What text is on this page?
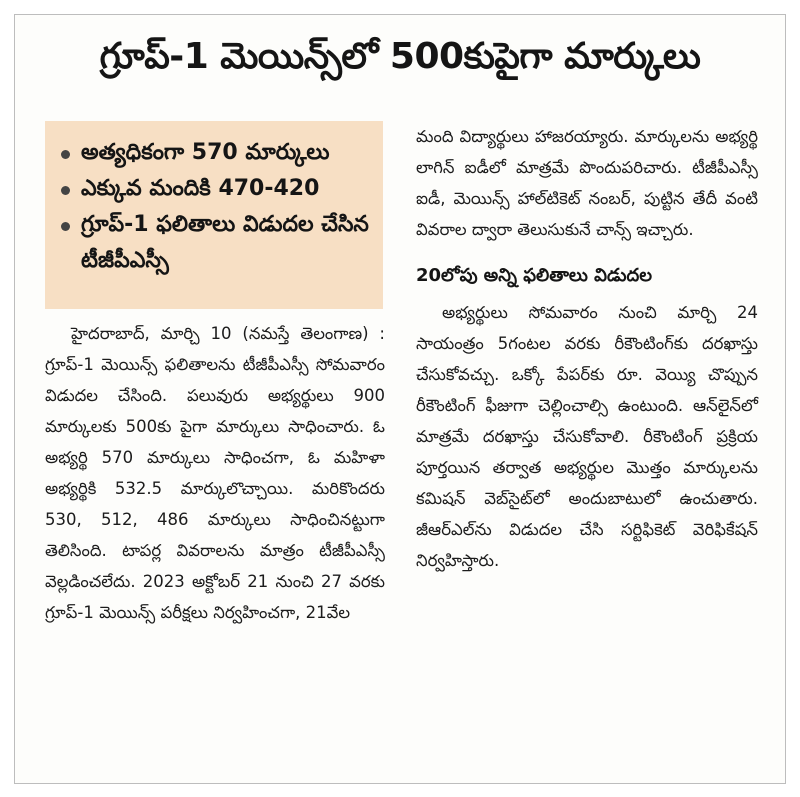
గ్రూప్-1 మెయిన్స్‌లో 500కుపైగా మార్కులు
అత్యధికంగా 570 మార్కులు
ఎక్కువ మందికి 470-420
గ్రూప్-1 ఫలితాలు విడుదల చేసిన టీజీపీఎస్సీ

హైదరాబాద్, మార్చి 10 (నమస్తే తెలంగాణ) : గ్రూప్-1 మెయిన్స్ ఫలితాలను టీజీపీఎస్సీ సోమవారం విడుదల చేసింది. పలువురు అభ్యర్థులు 900 మార్కులకు 500కు పైగా మార్కులు సాధించారు. ఓ అభ్యర్థి 570 మార్కులు సాధించగా, ఓ మహిళా అభ్యర్థికి 532.5 మార్కులొచ్చాయి. మరికొందరు 530, 512, 486 మార్కులు సాధించినట్టుగా తెలిసింది. టాపర్ల వివరాలను మాత్రం టీజీపీఎస్సీ వెల్లడించలేదు. 2023 అక్టోబర్ 21 నుంచి 27 వరకు గ్రూప్-1 మెయిన్స్ పరీక్షలు నిర్వహించగా, 21వేల

మంది విద్యార్థులు హాజరయ్యారు. మార్కులను అభ్యర్థి లాగిన్ ఐడీలో మాత్రమే పొందుపరిచారు. టీజీపీఎస్సీ ఐడీ, మెయిన్స్ హాల్‌టికెట్ నంబర్, పుట్టిన తేదీ వంటి వివరాల ద్వారా తెలుసుకునే చాన్స్ ఇచ్చారు.

20లోపు అన్ని ఫలితాలు విడుదల

అభ్యర్థులు సోమవారం నుంచి మార్చి 24 సాయంత్రం 5గంటల వరకు రీకౌంటింగ్‌కు దరఖాస్తు చేసుకోవచ్చు. ఒక్కో పేపర్‌కు రూ. వెయ్యి చొప్పున రీకౌంటింగ్ ఫీజుగా చెల్లించాల్సి ఉంటుంది. ఆన్‌లైన్‌లో మాత్రమే దరఖాస్తు చేసుకోవాలి. రీకౌంటింగ్ ప్రక్రియ పూర్తయిన తర్వాత అభ్యర్థుల మొత్తం మార్కులను కమిషన్ వెబ్‌సైట్‌లో అందుబాటులో ఉంచుతారు. జీఆర్‌ఎల్‌ను విడుదల చేసి సర్టిఫికెట్ వెరిఫికేషన్ నిర్వహిస్తారు.
